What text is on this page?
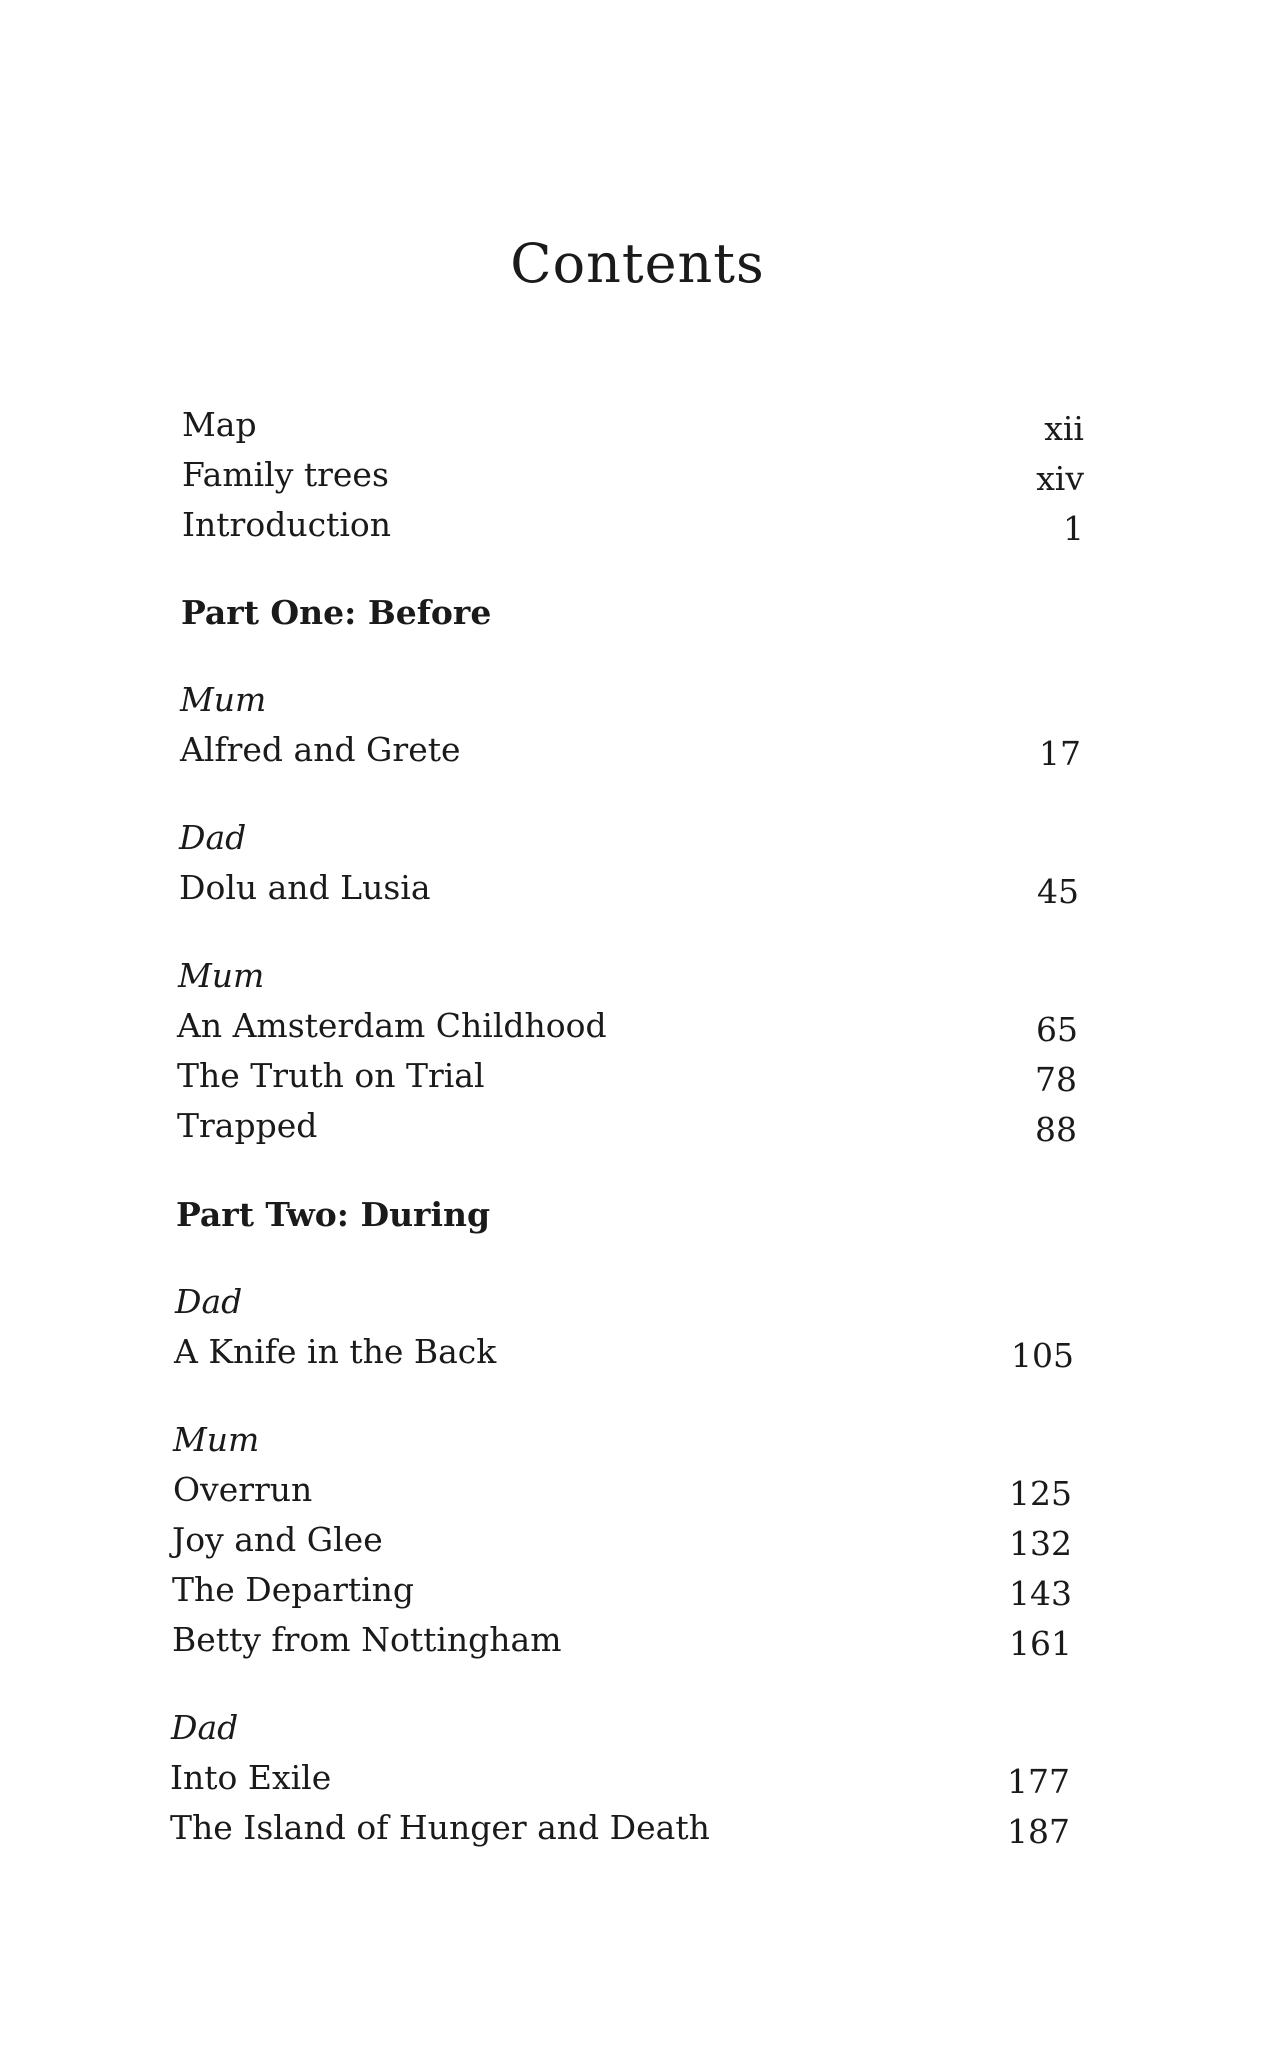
Contents
Map	xii
Family trees	xiv
Introduction	1
Part One: Before
Mum
Alfred and Grete	17
Dad
Dolu and Lusia	45
Mum
An Amsterdam Childhood	65
The Truth on Trial	78
Trapped	88
Part Two: During
Dad
A Knife in the Back	105
Mum
Overrun	125
Joy and Glee	132
The Departing	143
Betty from Nottingham	161
Dad
Into Exile	177
The Island of Hunger and Death	187
